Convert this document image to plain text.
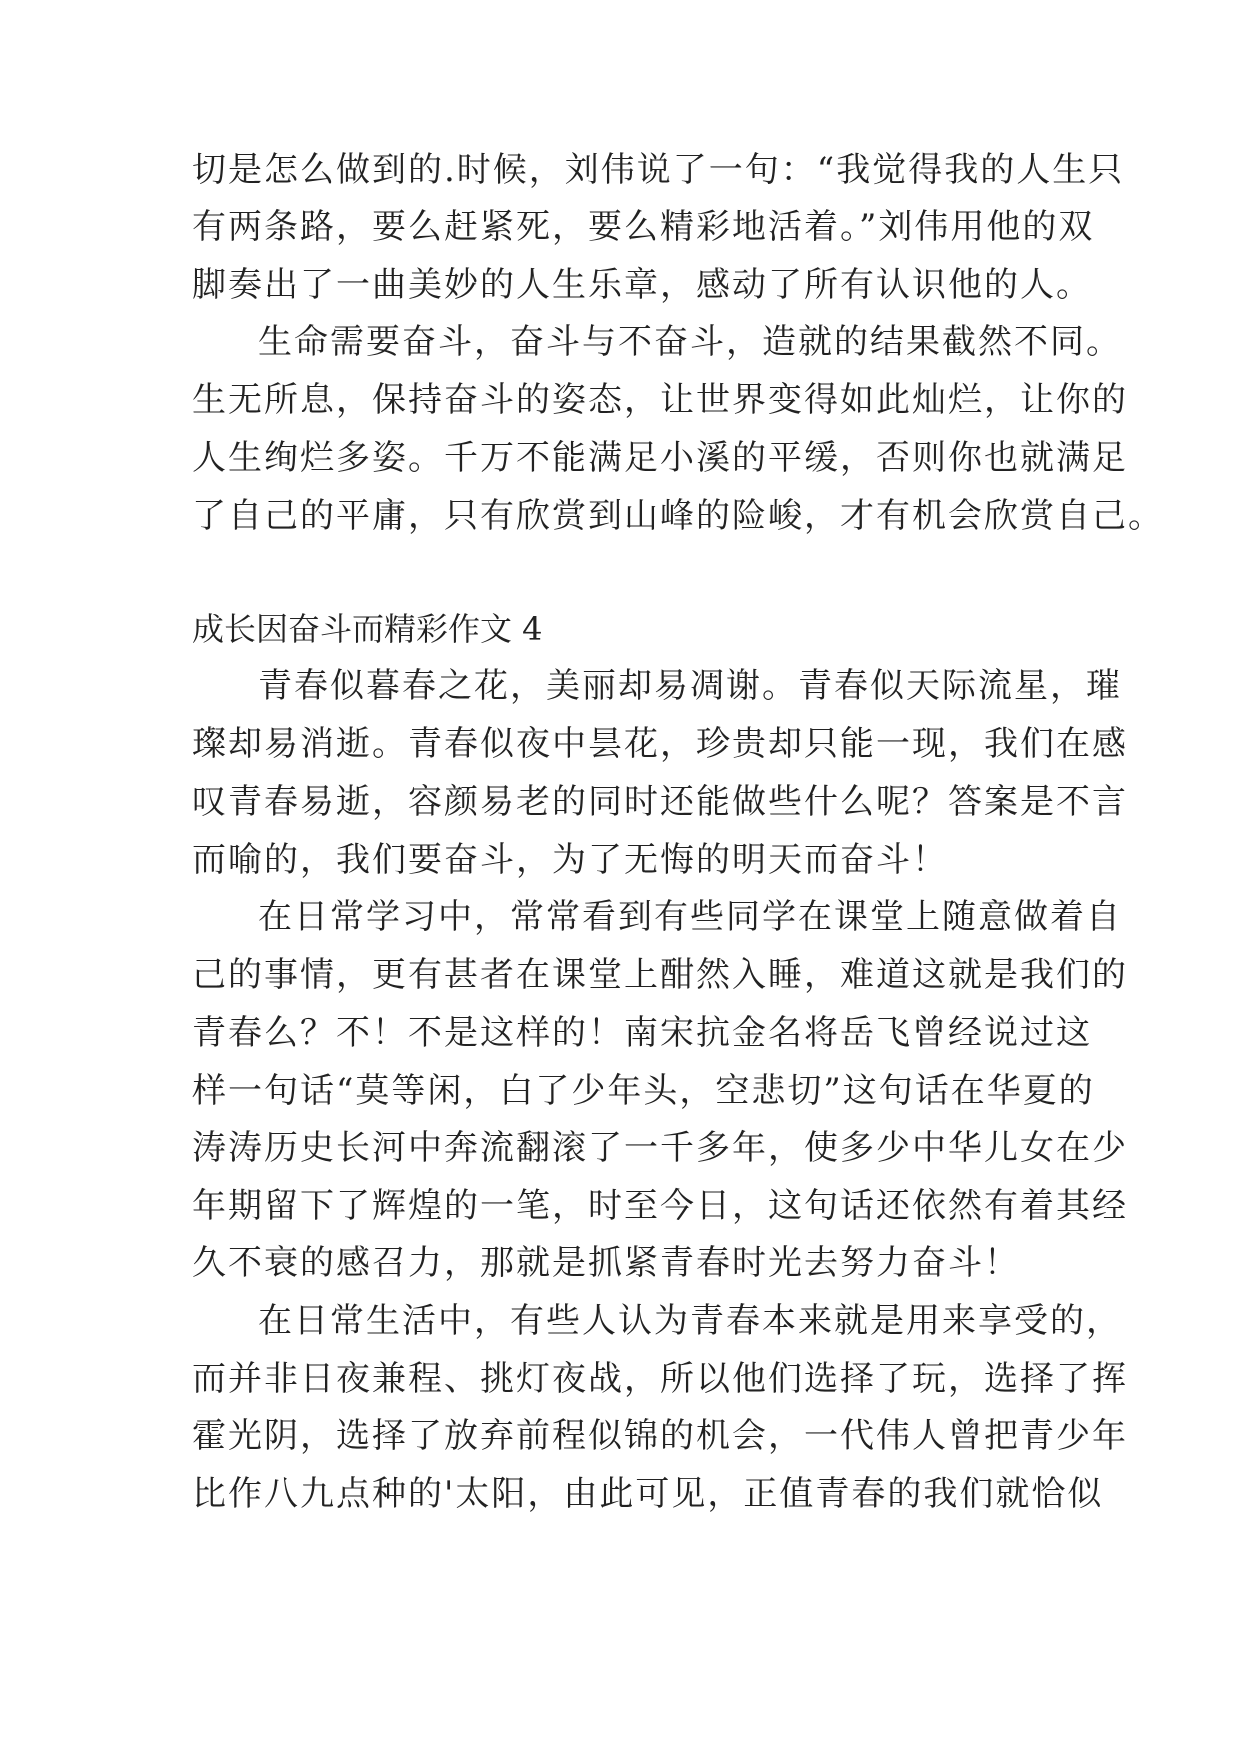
切是怎么做到的.时候，刘伟说了一句：“我觉得我的人生只
有两条路，要么赶紧死，要么精彩地活着。”刘伟用他的双
脚奏出了一曲美妙的人生乐章，感动了所有认识他的人。
生命需要奋斗，奋斗与不奋斗，造就的结果截然不同。
生无所息，保持奋斗的姿态，让世界变得如此灿烂，让你的
人生绚烂多姿。千万不能满足小溪的平缓，否则你也就满足
了自己的平庸，只有欣赏到山峰的险峻，才有机会欣赏自己。
成长因奋斗而精彩作文 4
青春似暮春之花，美丽却易凋谢。青春似天际流星，璀
璨却易消逝。青春似夜中昙花，珍贵却只能一现，我们在感
叹青春易逝，容颜易老的同时还能做些什么呢？答案是不言
而喻的，我们要奋斗，为了无悔的明天而奋斗！
在日常学习中，常常看到有些同学在课堂上随意做着自
己的事情，更有甚者在课堂上酣然入睡，难道这就是我们的
青春么？不！不是这样的！南宋抗金名将岳飞曾经说过这
样一句话“莫等闲，白了少年头，空悲切”这句话在华夏的
涛涛历史长河中奔流翻滚了一千多年，使多少中华儿女在少
年期留下了辉煌的一笔，时至今日，这句话还依然有着其经
久不衰的感召力，那就是抓紧青春时光去努力奋斗！
在日常生活中，有些人认为青春本来就是用来享受的，
而并非日夜兼程、挑灯夜战，所以他们选择了玩，选择了挥
霍光阴，选择了放弃前程似锦的机会，一代伟人曾把青少年
比作八九点种的'太阳，由此可见，正值青春的我们就恰似
